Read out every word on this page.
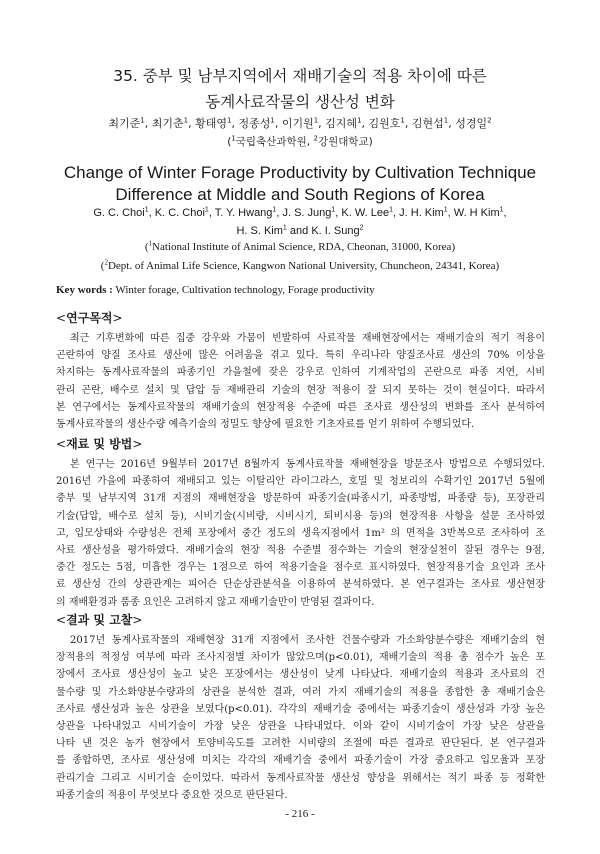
35. 중부 및 남부지역에서 재배기술의 적용 차이에 따른
동계사료작물의 생산성 변화
최기준$^1$, 최기춘$^1$, 황태영$^1$, 정종성$^1$, 이기원$^1$, 김지혜$^1$, 김원호$^1$, 김현섭$^1$, 성경일$^2$
($^1$국립축산과학원, $^2$강원대학교)
Change of Winter Forage Productivity by Cultivation Technique
Difference at Middle and South Regions of Korea
G. C. Choi$^1$, K. C. Choi$^1$, T. Y. Hwang$^1$, J. S. Jung$^1$, K. W. Lee$^1$, J. H. Kim$^1$, W. H Kim$^1$,
H. S. Kim$^1$ and K. I. Sung$^2$
($^1$National Institute of Animal Science, RDA, Cheonan, 31000, Korea)
($^2$Dept. of Animal Life Science, Kangwon National University, Chuncheon, 24341, Korea)
Key words : Winter forage, Cultivation technology, Forage productivity
<연구목적>

최근 기후변화에 따른 집중 강우와 가뭄이 빈발하여 사료작물 재배현장에서는 재배기술의 적기 적용이
곤란하여 양질 조사료 생산에 많은 어려움을 겪고 있다. 특히 우리나라 양질조사료 생산의 70% 이상을
차지하는 동계사료작물의 파종기인 가을철에 잦은 강우로 인하여 기계작업의 곤란으로 파종 지연, 시비
관리 곤란, 배수로 설치 및 답압 등 재배관리 기술의 현장 적용이 잘 되지 못하는 것이 현실이다. 따라서
본 연구에서는 동계사료작물의 재배기술의 현장적용 수준에 따른 조사료 생산성의 변화를 조사 분석하여
동계사료작물의 생산수량 예측기술의 정밀도 향상에 필요한 기초자료를 얻기 위하여 수행되었다.

<재료 및 방법>

본 연구는 2016년 9월부터 2017년 8월까지 동계사료작물 재배현장을 방문조사 방법으로 수행되었다.
2016년 가을에 파종하여 재배되고 있는 이탈리안 라이그라스, 호밀 및 청보리의 수확기인 2017년 5월에
중부 및 남부지역 31개 지점의 재배현장을 방문하여 파종기술(파종시기, 파종방법, 파종량 등), 포장관리
기술(답압, 배수로 설치 등), 시비기술(시비량, 시비시기, 퇴비시용 등)의 현장적용 사항을 설문 조사하였
고, 입모상태와 수량성은 전체 포장에서 중간 정도의 생육지점에서 1m² 의 면적을 3반복으로 조사하여 조
사료 생산성을 평가하였다. 재배기술의 현장 적용 수준별 점수화는 기술의 현장실천이 잘된 경우는 9점,
중간 정도는 5점, 미흡한 경우는 1점으로 하여 적용기술을 점수로 표시하였다. 현장적용기술 요인과 조사
료 생산성 간의 상관관계는 피어슨 단순상관분석을 이용하여 분석하였다. 본 연구결과는 조사료 생산현장
의 재배환경과 품종 요인은 고려하지 않고 재배기술만이 반영된 결과이다.

<결과 및 고찰>

2017년 동계사료작물의 재배현장 31개 지점에서 조사한 건물수량과 가소화양분수량은 재배기술의 현
장적용의 적정성 여부에 따라 조사지점별 차이가 많았으며(p<0.01), 재배기술의 적용 총 점수가 높은 포
장에서 조사료 생산성이 높고 낮은 포장에서는 생산성이 낮게 나타났다. 재배기술의 적용과 조사료의 건
물수량 및 가소화양분수량과의 상관을 분석한 결과, 여러 가지 재배기술의 적용을 종합한 총 재배기술은
조사료 생산성과 높은 상관을 보였다(p<0.01). 각각의 재배기술 중에서는 파종기술이 생산성과 가장 높은
상관을 나타내었고 시비기술이 가장 낮은 상관을 나타내었다. 이와 같이 시비기술이 가장 낮은 상관을
나타 낸 것은 농가 현장에서 토양비옥도를 고려한 시비량의 조절에 따른 결과로 판단된다. 본 연구결과
를 종합하면, 조사료 생산성에 미치는 각각의 재배기술 중에서 파종기술이 가장 중요하고 입모율과 포장
관리기술 그리고 시비기술 순이었다. 따라서 동계사료작물 생산성 향상을 위해서는 적기 파종 등 정확한
파종기술의 적용이 무엇보다 중요한 것으로 판단된다.

- 216 -
